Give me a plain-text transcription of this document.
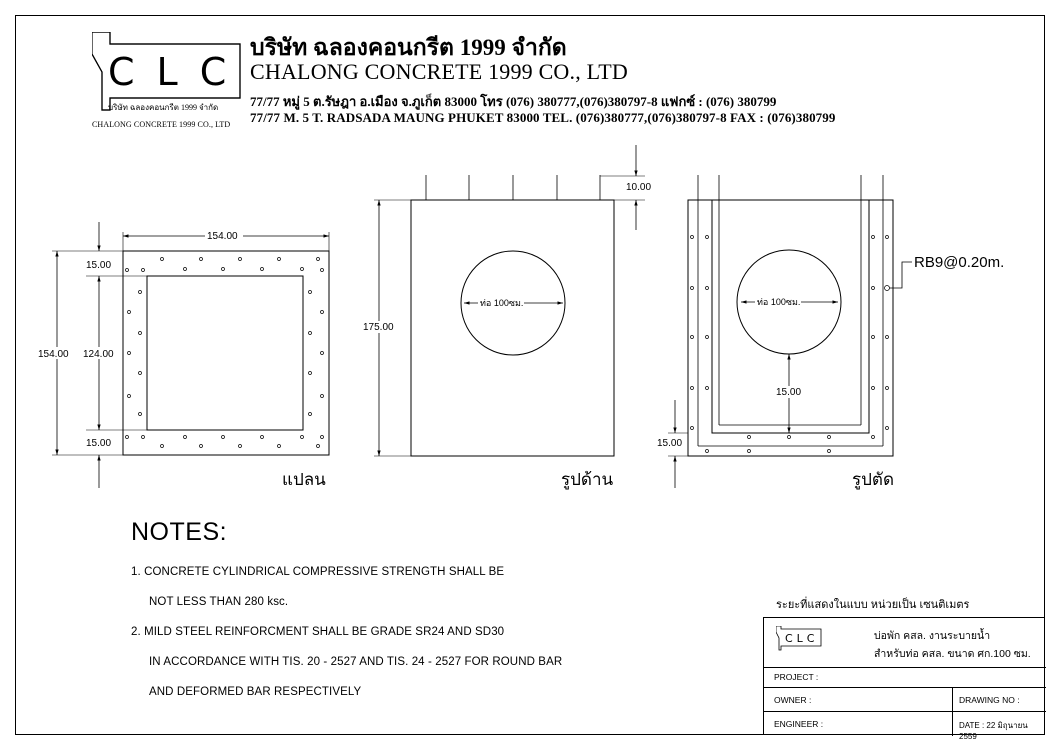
CLC
บริษัท ฉลองคอนกรีต 1999 จำกัด
CHALONG CONCRETE 1999 CO., LTD
บริษัท ฉลองคอนกรีต 1999 จำกัด
CHALONG CONCRETE 1999 CO., LTD
77/77 หมู่ 5 ต.รัษฎา อ.เมือง จ.ภูเก็ต 83000 โทร (076) 380777,(076)380797-8 แฟกซ์ : (076) 380799
77/77 M. 5 T. RADSADA MAUNG PHUKET 83000 TEL. (076)380777,(076)380797-8 FAX : (076)380799
154.00
154.00 124.00
15.00
15.00
ท่อ 100ซม.
175.00
10.00
ท่อ 100ซม.
RB9@0.20m.
15.00
15.00
แปลน	รูปด้าน	รูปตัด
NOTES:
1. CONCRETE CYLINDRICAL COMPRESSIVE STRENGTH SHALL BE
NOT LESS THAN 280 ksc.
2. MILD STEEL REINFORCMENT SHALL BE GRADE SR24 AND SD30
IN ACCORDANCE WITH TIS. 20 - 2527 AND TIS. 24 - 2527 FOR ROUND BAR
AND DEFORMED BAR RESPECTIVELY
ระยะที่แสดงในแบบ หน่วยเป็น เซนติเมตร
CLC	บ่อพัก คสล. งานระบายน้ำ
สำหรับท่อ คสล. ขนาด ศก.100 ซม.
PROJECT :
OWNER :	DRAWING NO :
ENGINEER :	DATE : 22 มิถุนายน 2559
